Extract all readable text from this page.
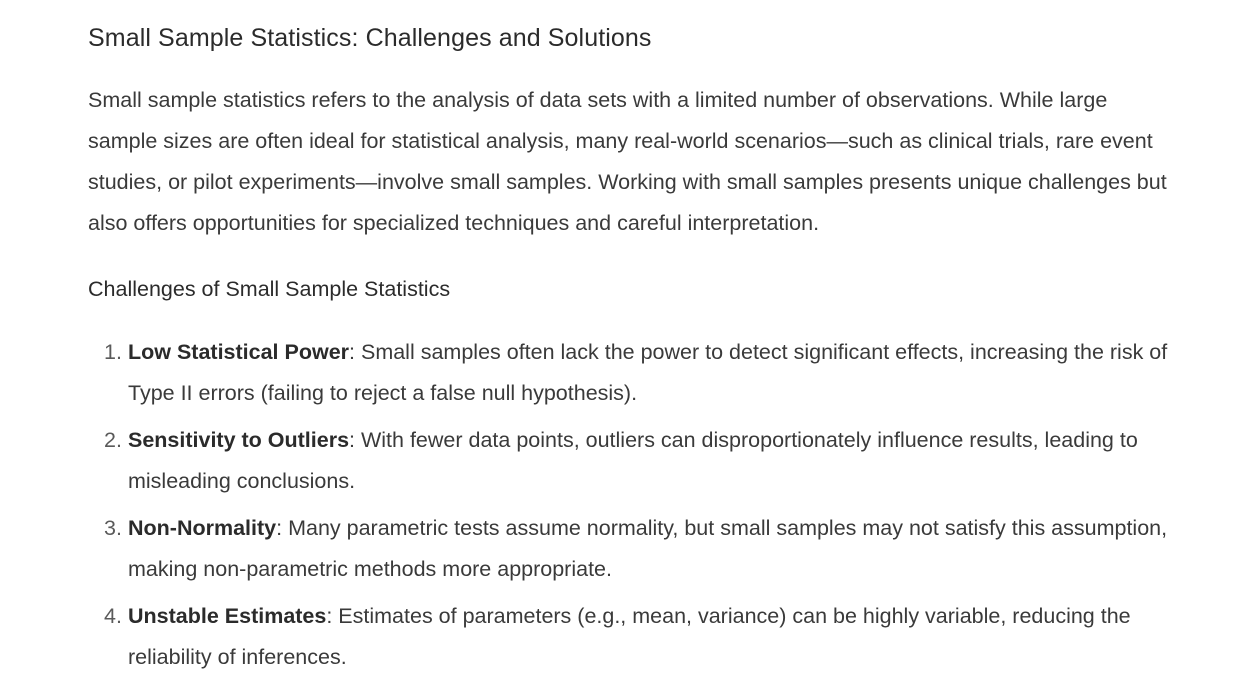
Small Sample Statistics: Challenges and Solutions

Small sample statistics refers to the analysis of data sets with a limited number of observations. While large sample sizes are often ideal for statistical analysis, many real-world scenarios—such as clinical trials, rare event studies, or pilot experiments—involve small samples. Working with small samples presents unique challenges but also offers opportunities for specialized techniques and careful interpretation.

Challenges of Small Sample Statistics
1. Low Statistical Power: Small samples often lack the power to detect significant effects, increasing the risk of Type II errors (failing to reject a false null hypothesis).
2. Sensitivity to Outliers: With fewer data points, outliers can disproportionately influence results, leading to misleading conclusions.
3. Non-Normality: Many parametric tests assume normality, but small samples may not satisfy this assumption, making non-parametric methods more appropriate.
4. Unstable Estimates: Estimates of parameters (e.g., mean, variance) can be highly variable, reducing the reliability of inferences.
